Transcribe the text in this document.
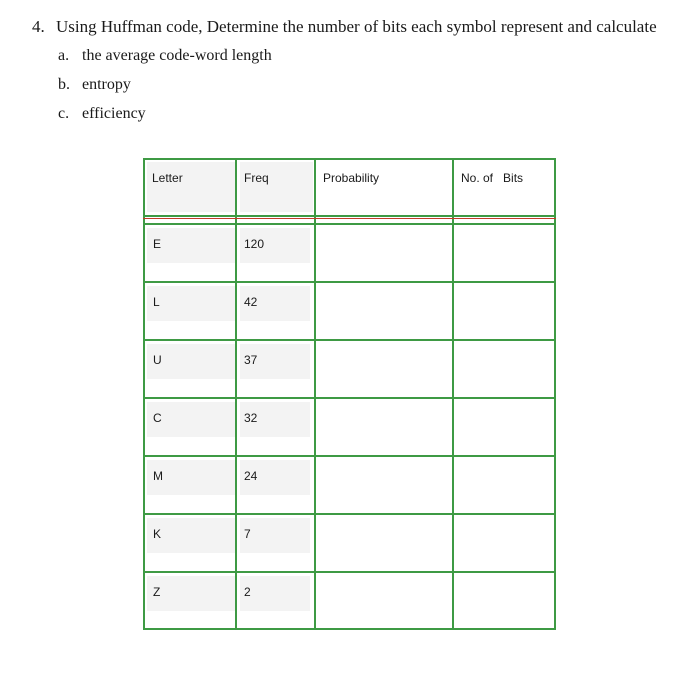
4. Using Huffman code, Determine the number of bits each symbol represent and calculate
a. the average code-word length
b. entropy
c. efficiency
Letter	Freq	Probability	No. of   Bits
E	120
L	42
U	37
C	32
M	24
K	7
Z	2
